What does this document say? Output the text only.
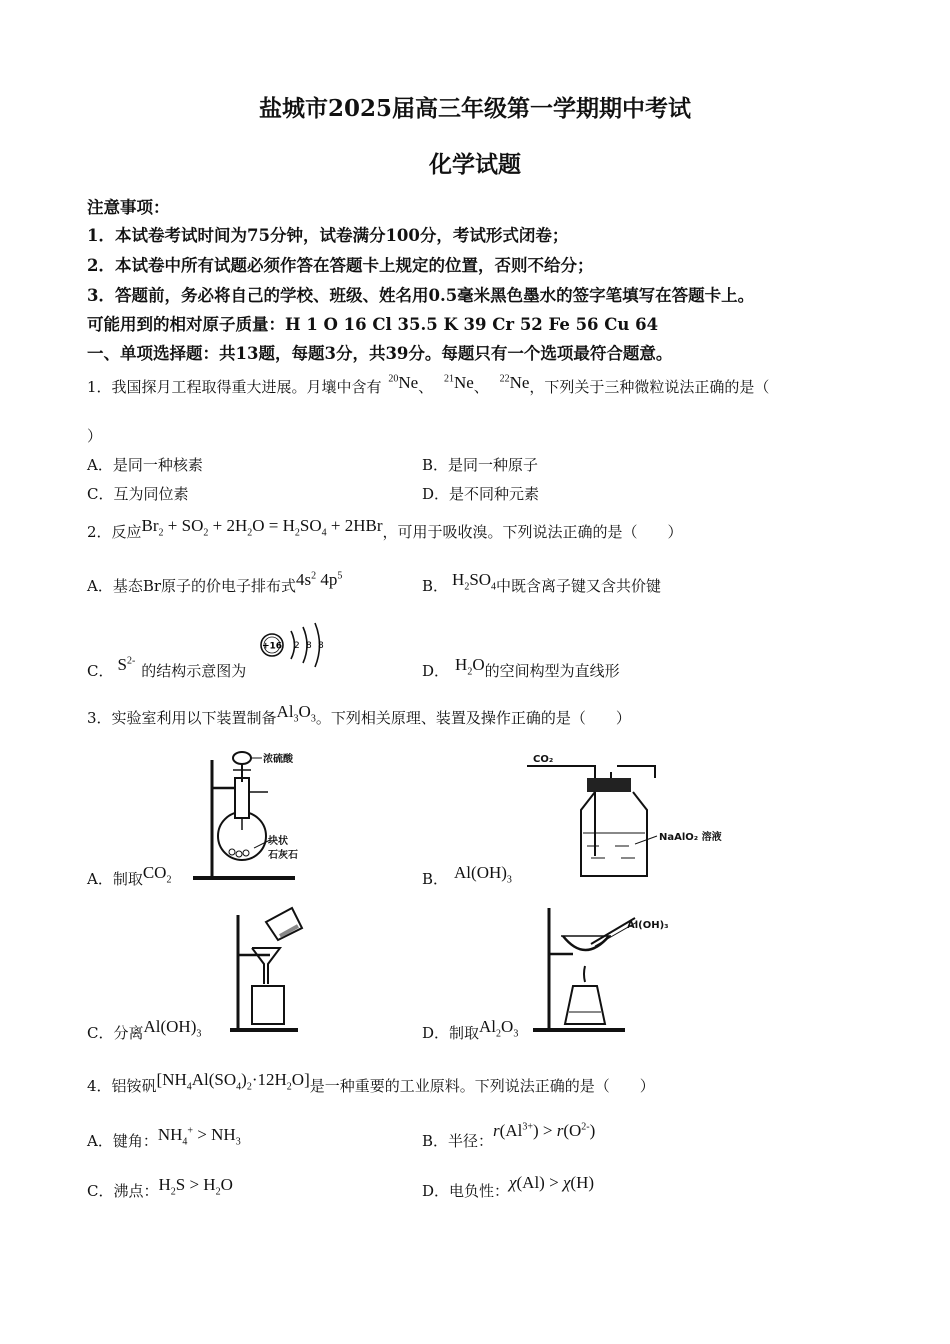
盐城市2025届高三年级第一学期期中考试
化学试题
注意事项：
1．本试卷考试时间为75分钟，试卷满分100分，考试形式闭卷；
2．本试卷中所有试题必须作答在答题卡上规定的位置，否则不给分；
3．答题前，务必将自己的学校、班级、姓名用0.5毫米黑色墨水的签字笔填写在答题卡上。
可能用到的相对原子质量：H 1 O 16 Cl 35.5 K 39 Cr 52 Fe 56 Cu 64
一、单项选择题：共13题，每题3分，共39分。每题只有一个选项最符合题意。
1．我国探月工程取得重大进展。月壤中含有 $^{20}$Ne、 $^{21}$Ne、 $^{22}$Ne，下列关于三种微粒说法正确的是（
）
A．是同一种核素	B．是同一种原子
C．互为同位素	D．是不同种元素
2．反应$Br_2 + SO_2 + 2H_2O = H_2SO_4 + 2HBr$，可用于吸收溴。下列说法正确的是（　　）
A．基态Br原子的价电子排布式$4s^2$ $4p^5$
B． $H_2SO_4$中既含离子键又含共价键
C． $S^{2-}$的结构示意图为
+16 2 8 8
D． $H_2O$的空间构型为直线形
3．实验室利用以下装置制备$Al_3O_3$。下列相关原理、装置及操作正确的是（　　）
浓硫酸
块状
石灰石
A．制取$CO_2$
CO₂
NaAlO₂ 溶液
B． $Al(OH)_3$
C．分离$Al(OH)_3$
Al(OH)₃
D．制取$Al_2O_3$
4．铝铵矾$[NH_4Al(SO_4)_2\cdot 12H_2O]$是一种重要的工业原料。下列说法正确的是（　　）
A．键角：$NH_4^+ > NH_3$	B．半径：$r(Al^{3+}) > r(O^{2-})$
C．沸点：$H_2S > H_2O$	D．电负性：χ(Al) > χ(H)
